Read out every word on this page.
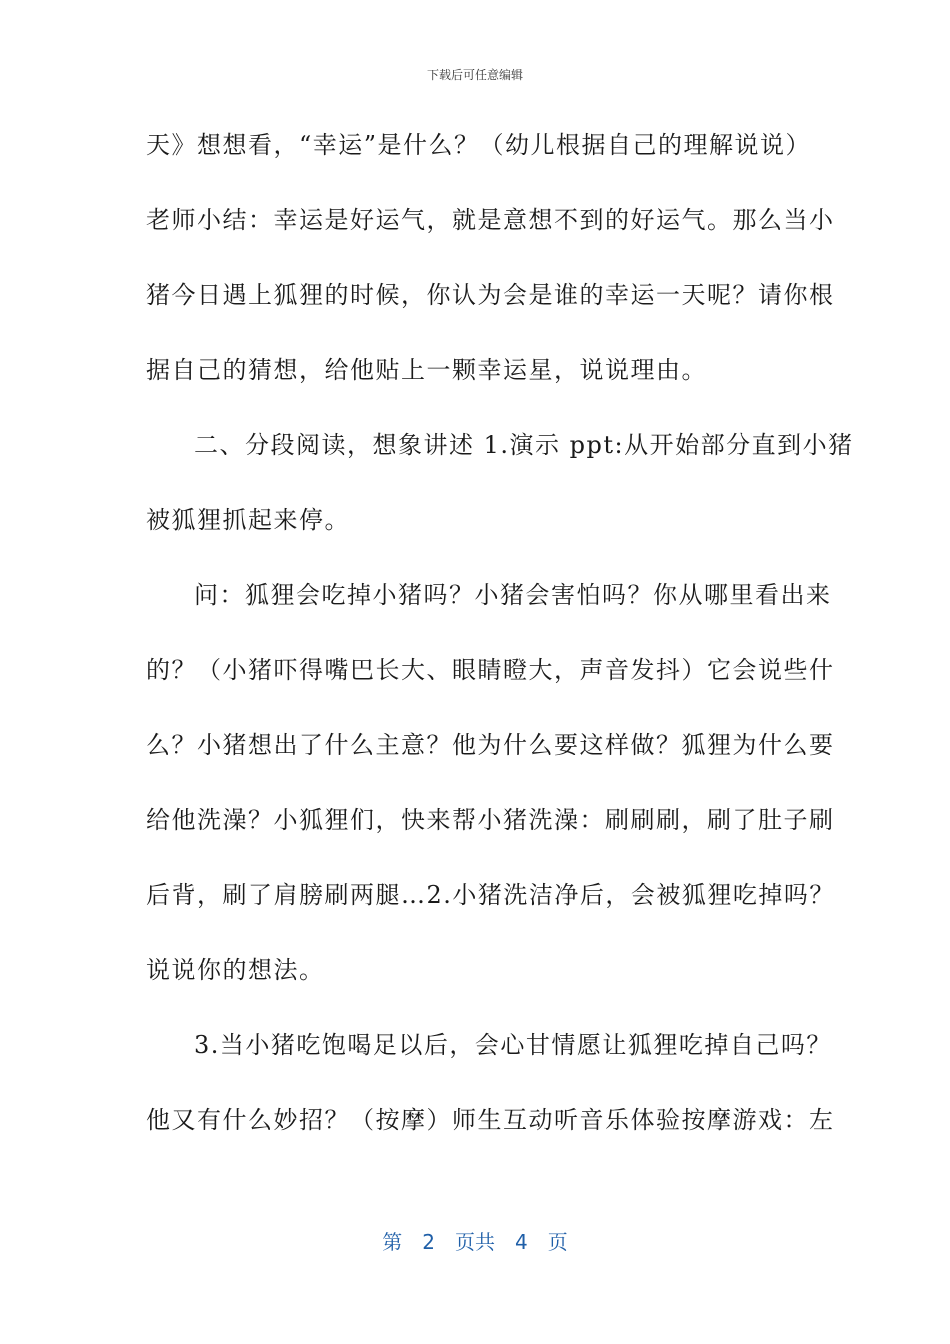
下载后可任意编辑
天》想想看，“幸运”是什么？（幼儿根据自己的理解说说）
老师小结：幸运是好运气，就是意想不到的好运气。那么当小
猪今日遇上狐狸的时候，你认为会是谁的幸运一天呢？请你根
据自己的猜想，给他贴上一颗幸运星，说说理由。
二、分段阅读，想象讲述 1.演示 ppt:从开始部分直到小猪
被狐狸抓起来停。
问：狐狸会吃掉小猪吗？小猪会害怕吗？你从哪里看出来
的？（小猪吓得嘴巴长大、眼睛瞪大，声音发抖）它会说些什
么？小猪想出了什么主意？他为什么要这样做？狐狸为什么要
给他洗澡？小狐狸们，快来帮小猪洗澡：刷刷刷，刷了肚子刷
后背，刷了肩膀刷两腿…2.小猪洗洁净后，会被狐狸吃掉吗？
说说你的想法。
3.当小猪吃饱喝足以后，会心甘情愿让狐狸吃掉自己吗？
他又有什么妙招？（按摩）师生互动听音乐体验按摩游戏：左
第 2 页共 4 页
